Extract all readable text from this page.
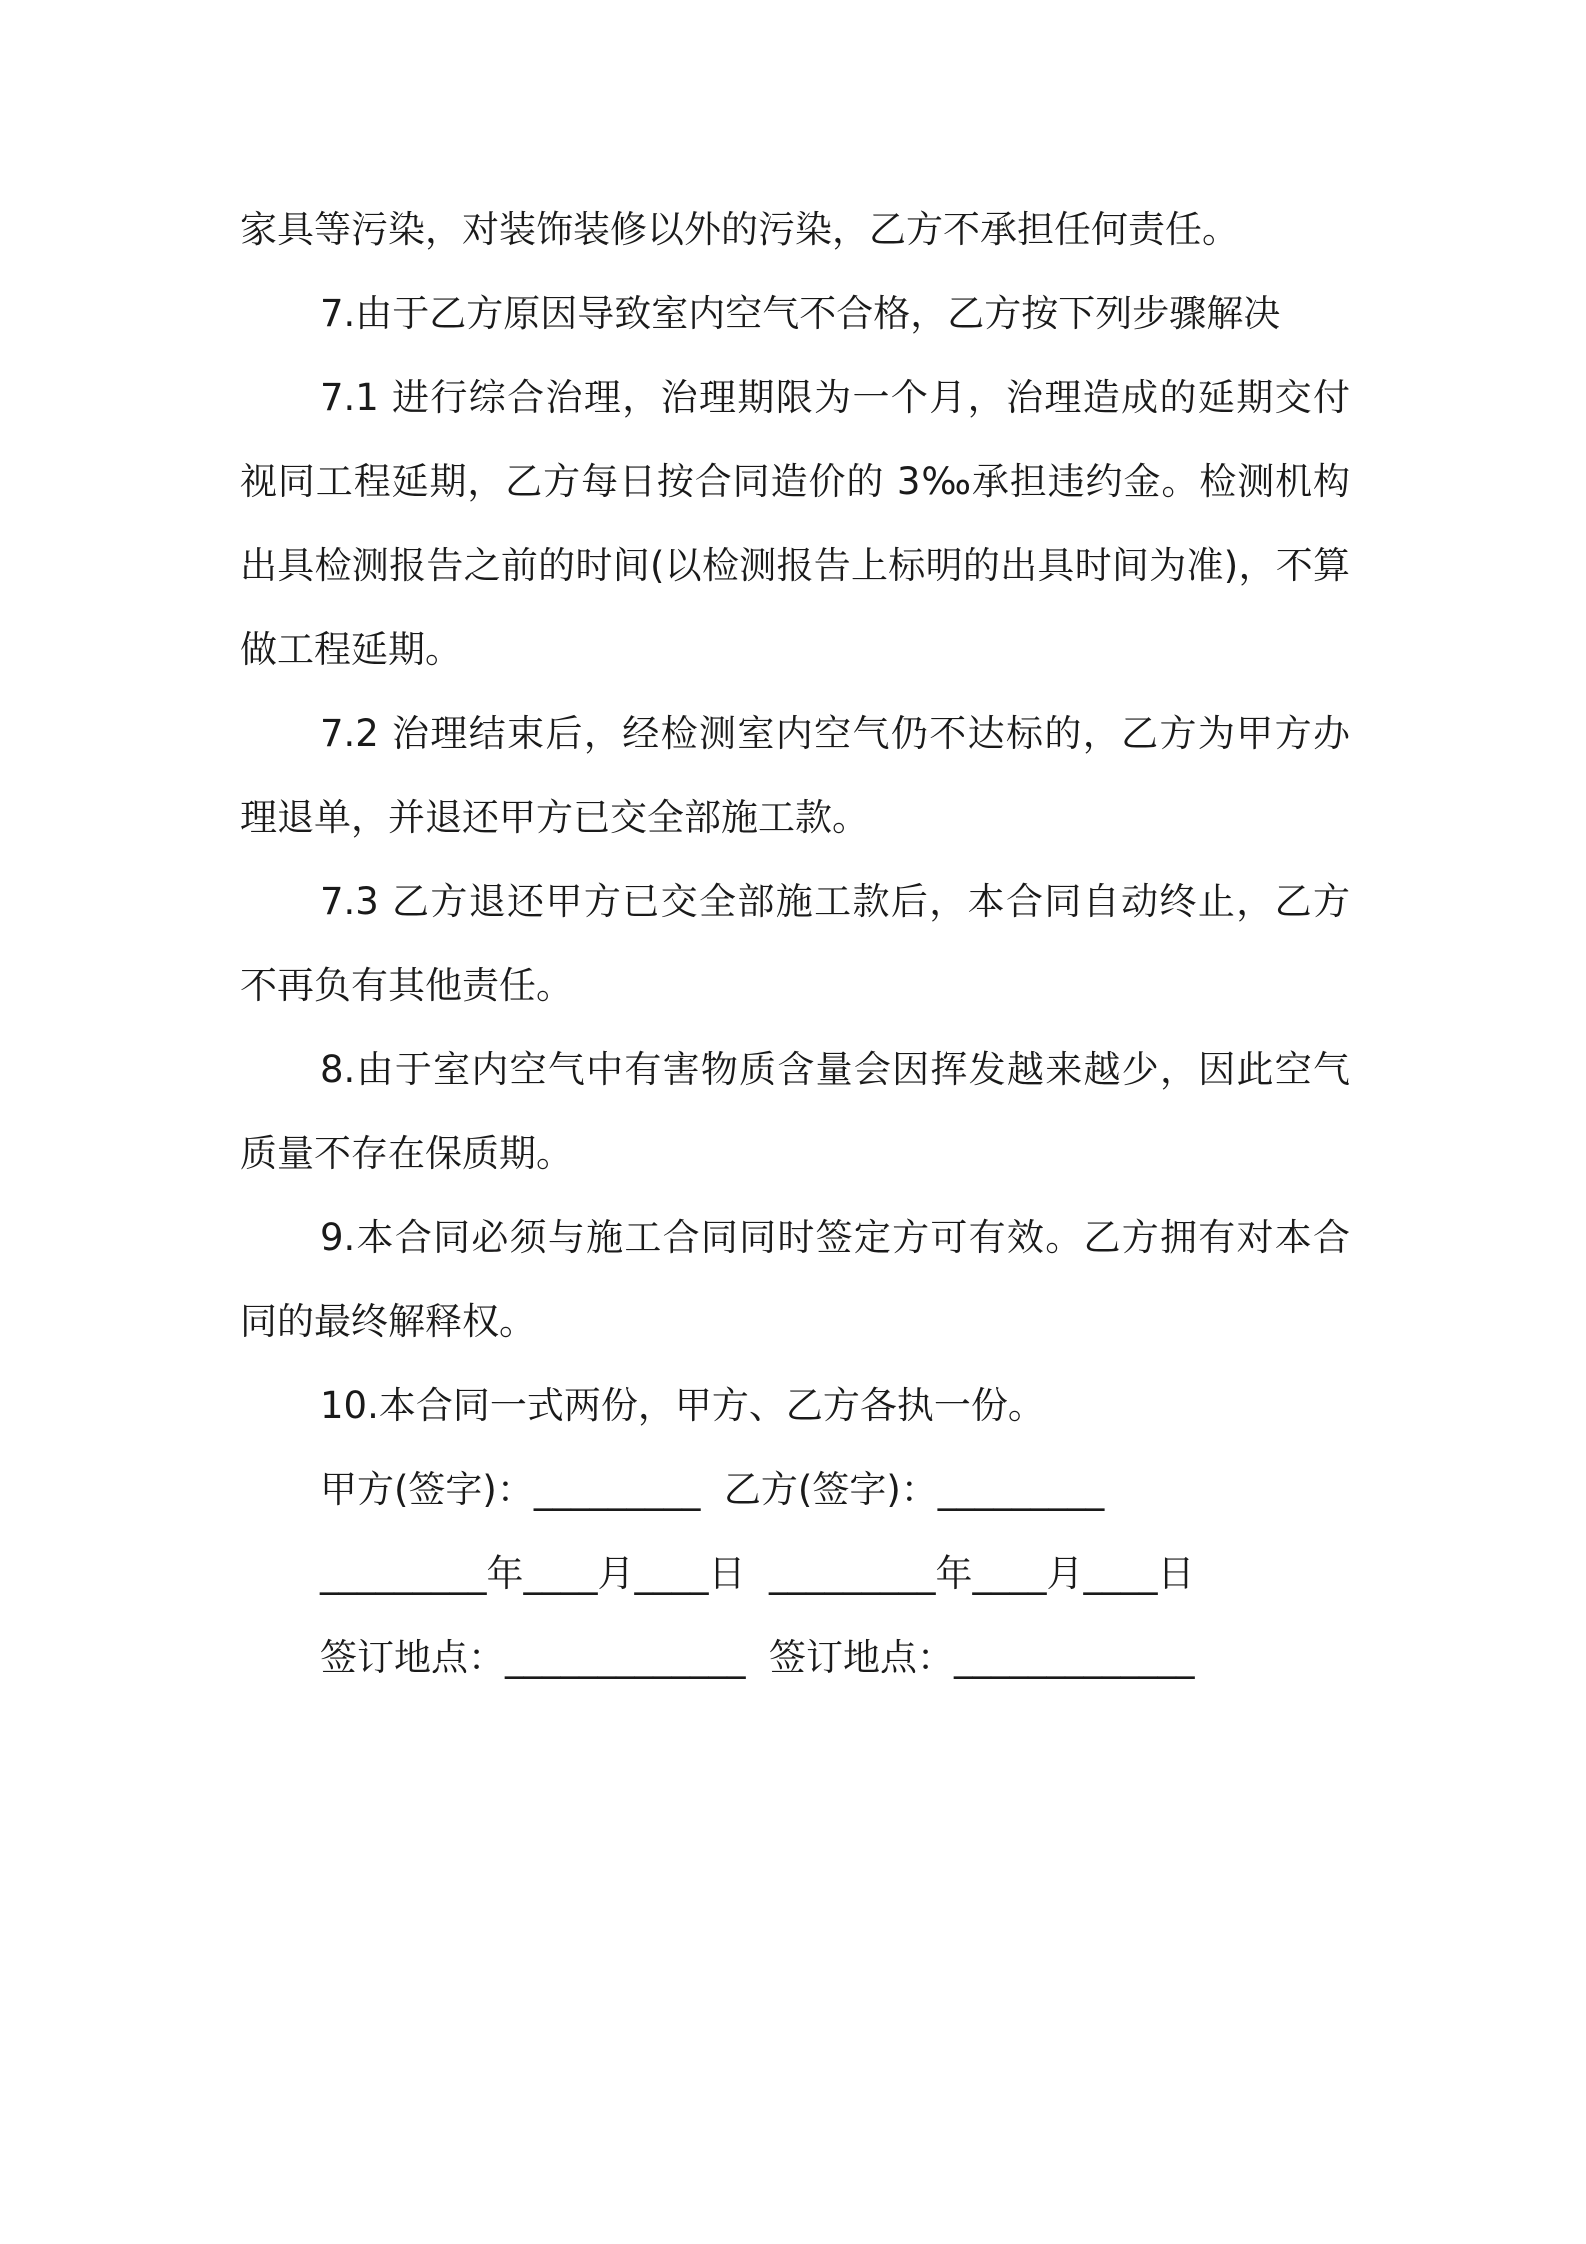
家具等污染，对装饰装修以外的污染，乙方不承担任何责任。

7.由于乙方原因导致室内空气不合格，乙方按下列步骤解决

7.1 进行综合治理，治理期限为一个月，治理造成的延期交付视同工程延期，乙方每日按合同造价的 3‰承担违约金。检测机构出具检测报告之前的时间(以检测报告上标明的出具时间为准)，不算做工程延期。

7.2 治理结束后，经检测室内空气仍不达标的，乙方为甲方办理退单，并退还甲方已交全部施工款。

7.3 乙方退还甲方已交全部施工款后，本合同自动终止，乙方不再负有其他责任。

8.由于室内空气中有害物质含量会因挥发越来越少，因此空气质量不存在保质期。

9.本合同必须与施工合同同时签定方可有效。乙方拥有对本合同的最终解释权。

10.本合同一式两份，甲方、乙方各执一份。

甲方(签字)：_________  乙方(签字)：_________
_________年____月____日  _________年____月____日
签订地点：_____________  签订地点：_____________
